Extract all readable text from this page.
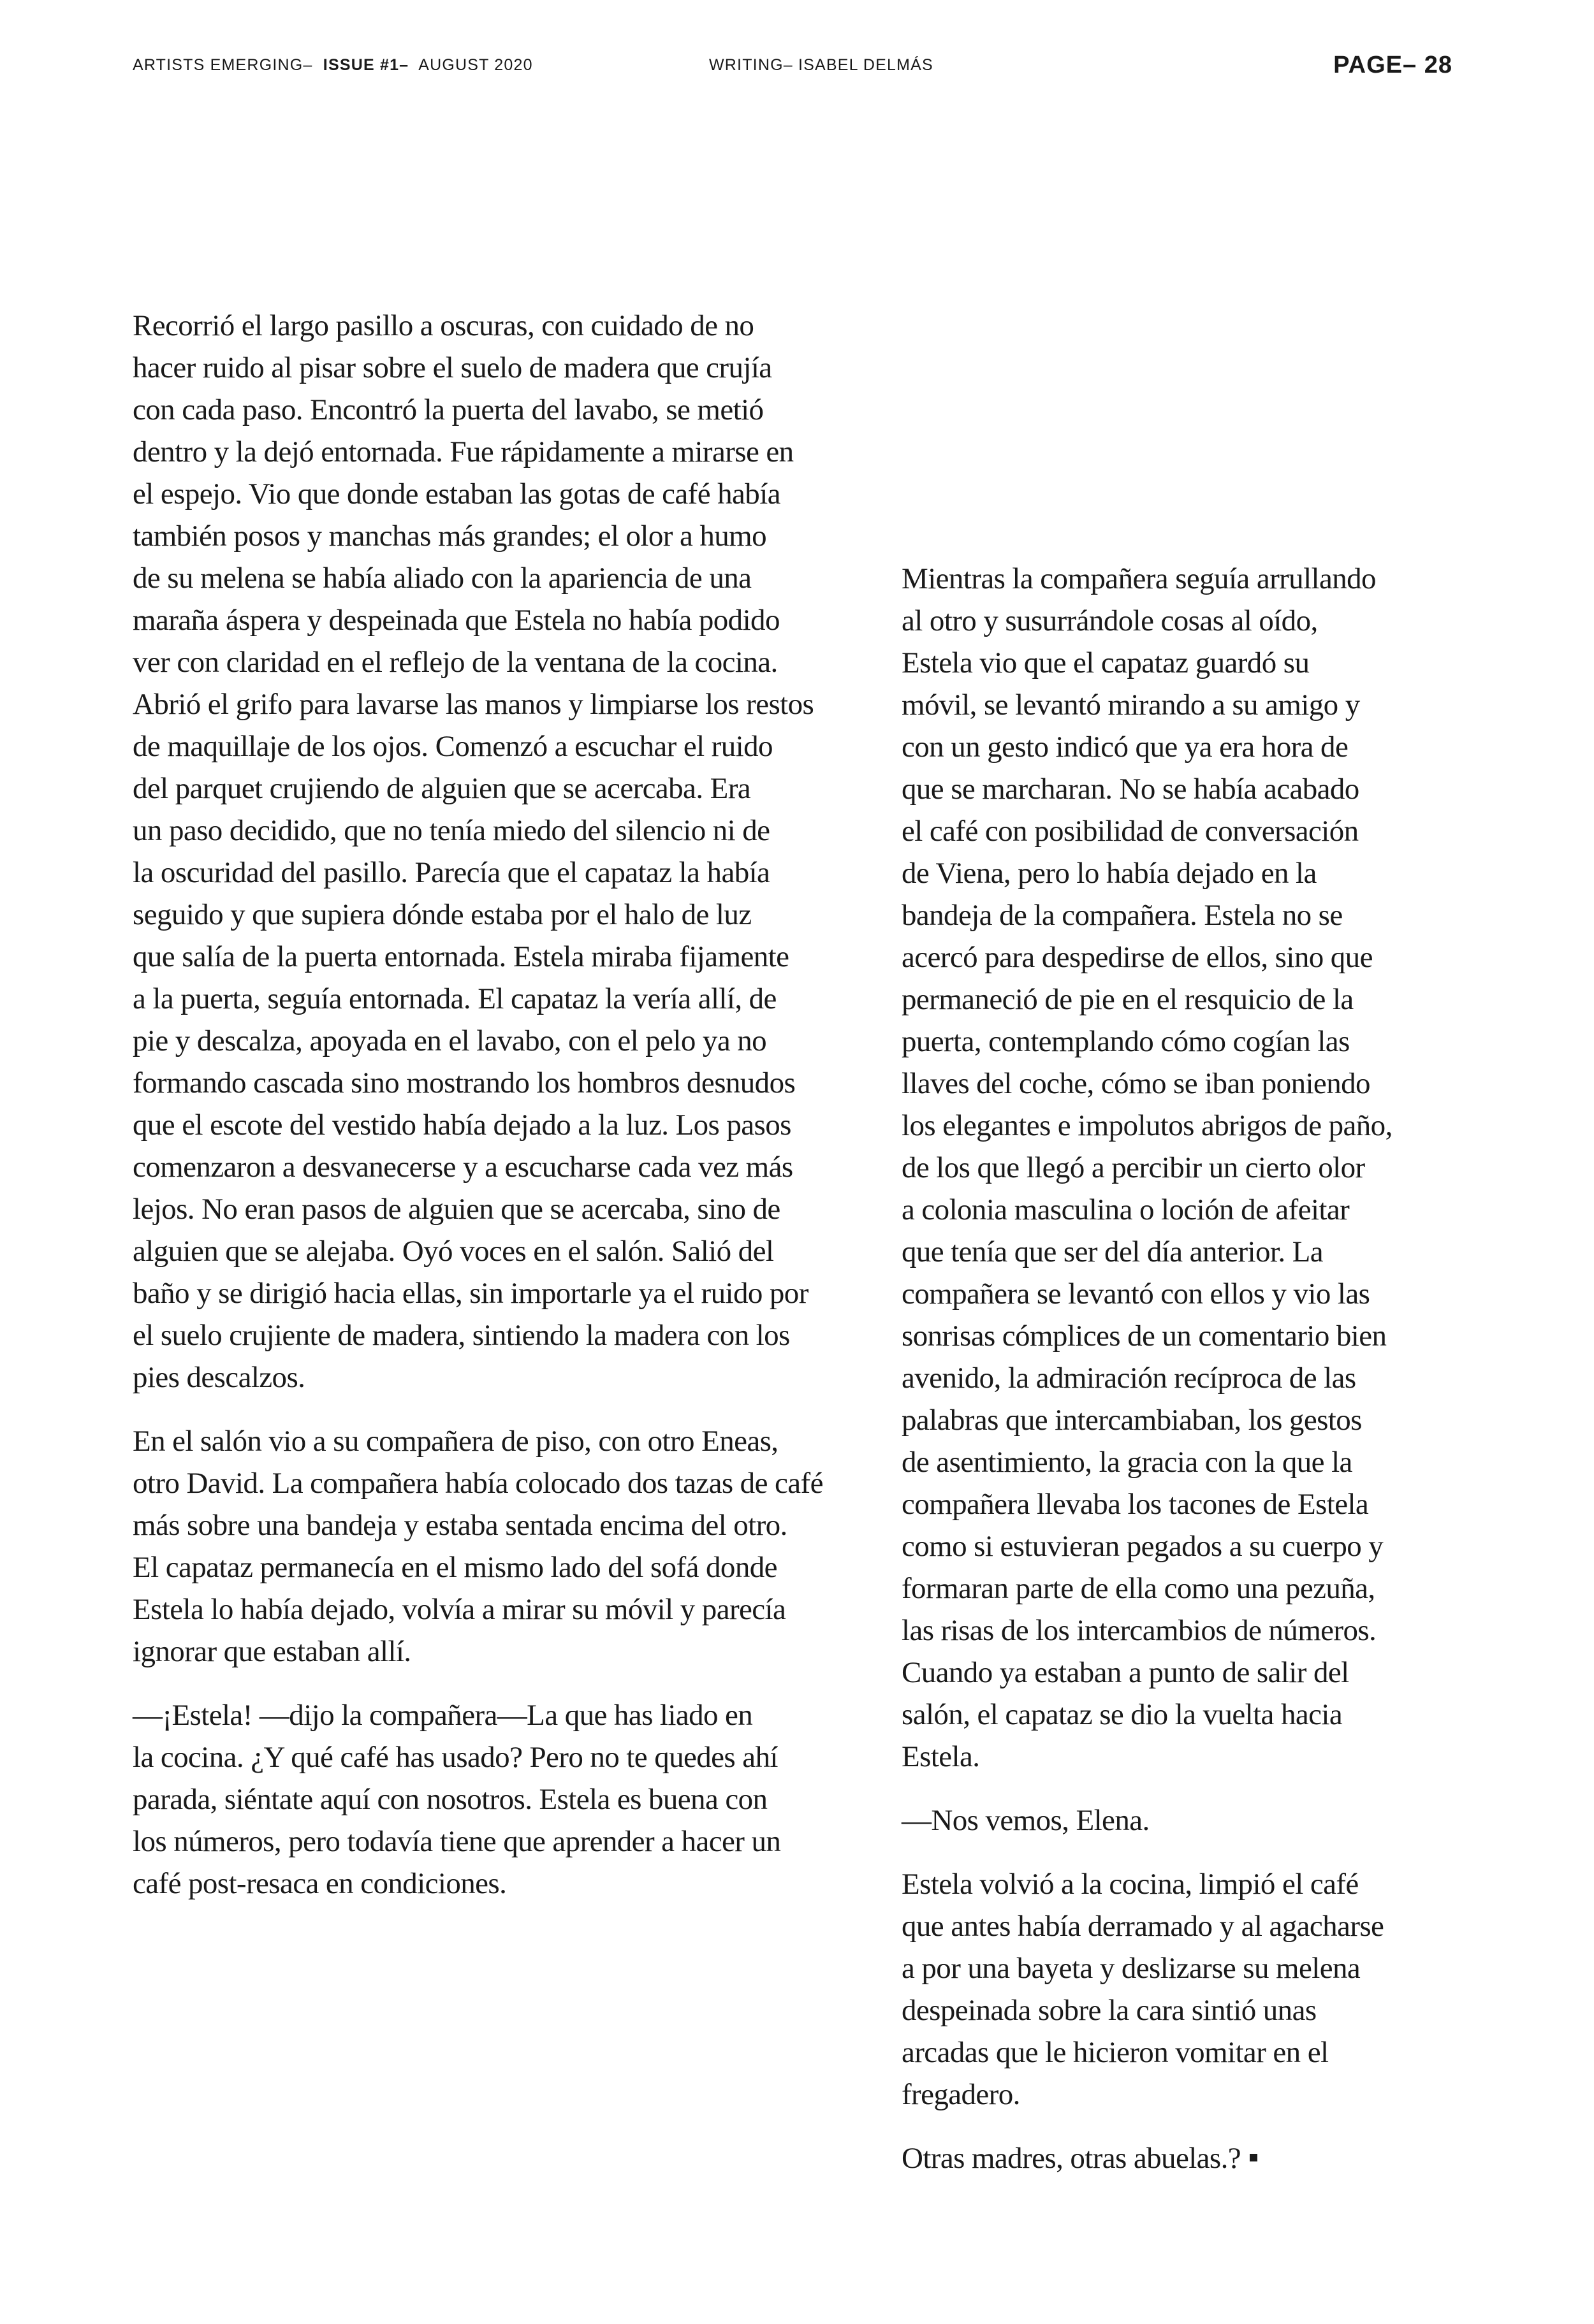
ARTISTS EMERGING– ISSUE #1– AUGUST 2020	WRITING– ISABEL DELMÁS	PAGE– 28

Recorrió el largo pasillo a oscuras, con cuidado de no
hacer ruido al pisar sobre el suelo de madera que crujía
con cada paso. Encontró la puerta del lavabo, se metió
dentro y la dejó entornada. Fue rápidamente a mirarse en
el espejo. Vio que donde estaban las gotas de café había
también posos y manchas más grandes; el olor a humo
de su melena se había aliado con la apariencia de una
maraña áspera y despeinada que Estela no había podido
ver con claridad en el reflejo de la ventana de la cocina.
Abrió el grifo para lavarse las manos y limpiarse los restos
de maquillaje de los ojos. Comenzó a escuchar el ruido
del parquet crujiendo de alguien que se acercaba. Era
un paso decidido, que no tenía miedo del silencio ni de
la oscuridad del pasillo. Parecía que el capataz la había
seguido y que supiera dónde estaba por el halo de luz
que salía de la puerta entornada. Estela miraba fijamente
a la puerta, seguía entornada. El capataz la vería allí, de
pie y descalza, apoyada en el lavabo, con el pelo ya no
formando cascada sino mostrando los hombros desnudos
que el escote del vestido había dejado a la luz. Los pasos
comenzaron a desvanecerse y a escucharse cada vez más
lejos. No eran pasos de alguien que se acercaba, sino de
alguien que se alejaba. Oyó voces en el salón. Salió del
baño y se dirigió hacia ellas, sin importarle ya el ruido por
el suelo crujiente de madera, sintiendo la madera con los
pies descalzos.

En el salón vio a su compañera de piso, con otro Eneas,
otro David. La compañera había colocado dos tazas de café
más sobre una bandeja y estaba sentada encima del otro.
El capataz permanecía en el mismo lado del sofá donde
Estela lo había dejado, volvía a mirar su móvil y parecía
ignorar que estaban allí.

—¡Estela! —dijo la compañera—La que has liado en
la cocina. ¿Y qué café has usado? Pero no te quedes ahí
parada, siéntate aquí con nosotros. Estela es buena con
los números, pero todavía tiene que aprender a hacer un
café post-resaca en condiciones.

Mientras la compañera seguía arrullando
al otro y susurrándole cosas al oído,
Estela vio que el capataz guardó su
móvil, se levantó mirando a su amigo y
con un gesto indicó que ya era hora de
que se marcharan. No se había acabado
el café con posibilidad de conversación
de Viena, pero lo había dejado en la
bandeja de la compañera. Estela no se
acercó para despedirse de ellos, sino que
permaneció de pie en el resquicio de la
puerta, contemplando cómo cogían las
llaves del coche, cómo se iban poniendo
los elegantes e impolutos abrigos de paño,
de los que llegó a percibir un cierto olor
a colonia masculina o loción de afeitar
que tenía que ser del día anterior. La
compañera se levantó con ellos y vio las
sonrisas cómplices de un comentario bien
avenido, la admiración recíproca de las
palabras que intercambiaban, los gestos
de asentimiento, la gracia con la que la
compañera llevaba los tacones de Estela
como si estuvieran pegados a su cuerpo y
formaran parte de ella como una pezuña,
las risas de los intercambios de números.
Cuando ya estaban a punto de salir del
salón, el capataz se dio la vuelta hacia
Estela.

—Nos vemos, Elena.

Estela volvió a la cocina, limpió el café
que antes había derramado y al agacharse
a por una bayeta y deslizarse su melena
despeinada sobre la cara sintió unas
arcadas que le hicieron vomitar en el
fregadero.

Otras madres, otras abuelas.?
